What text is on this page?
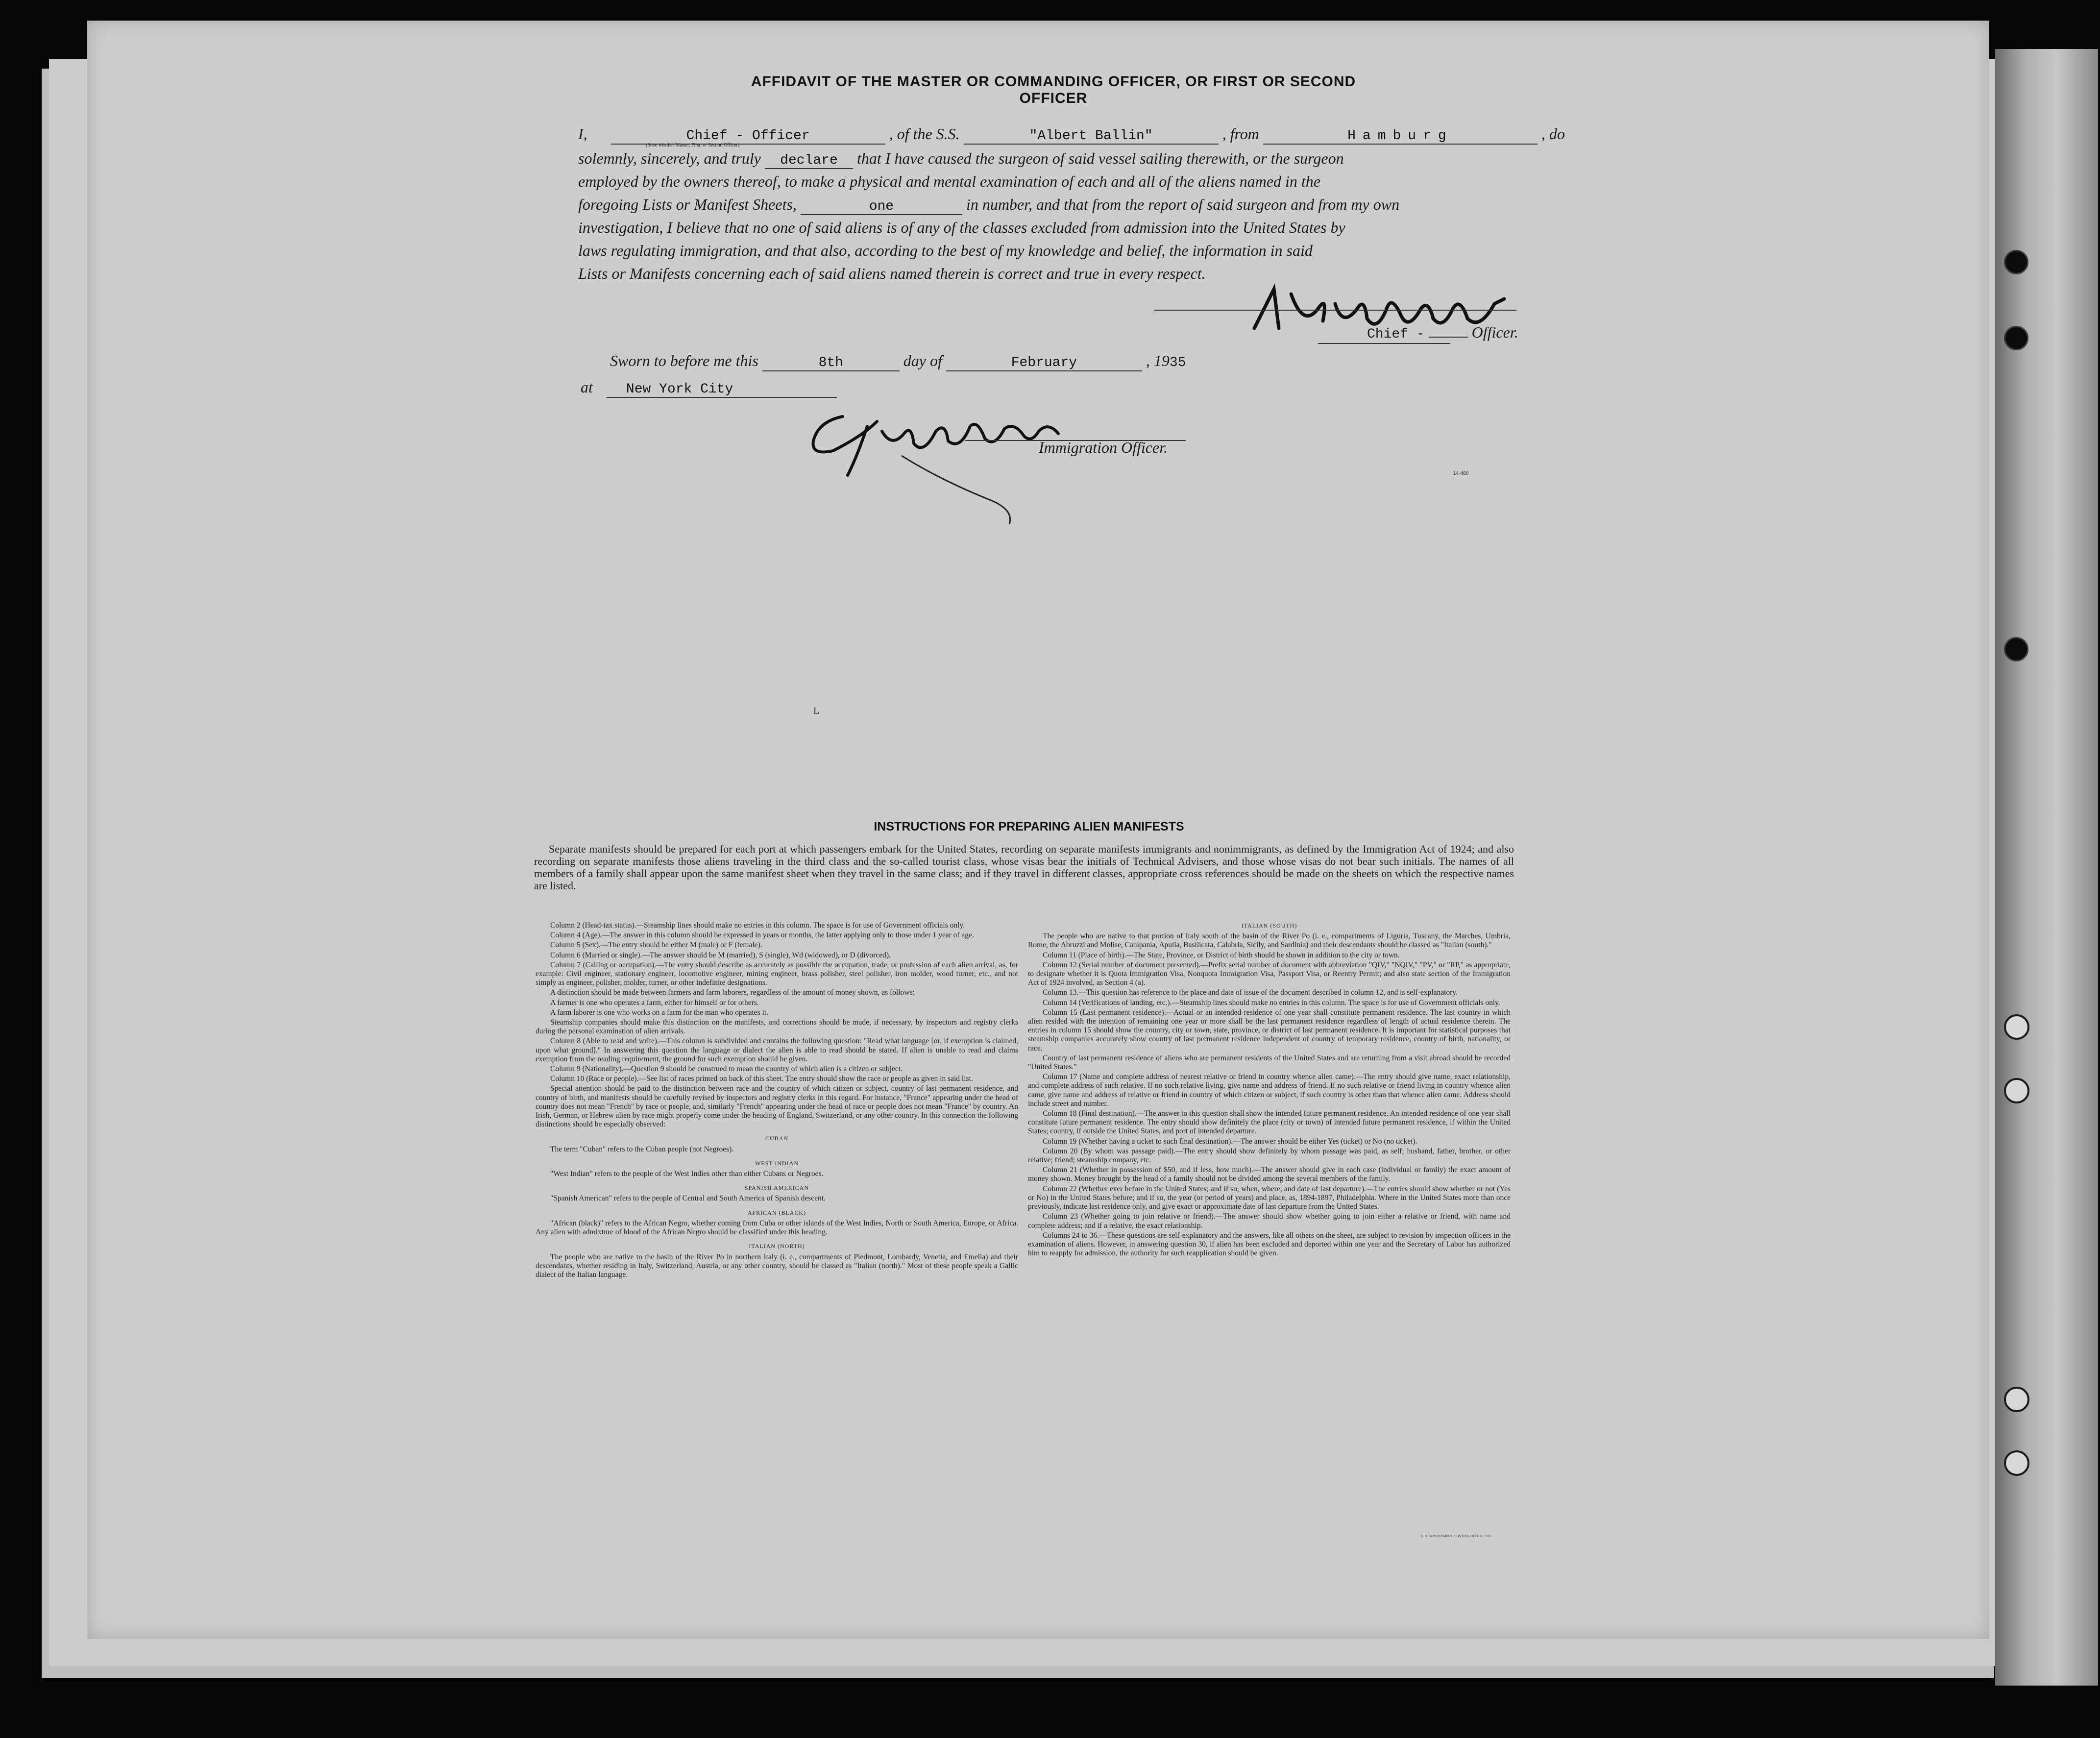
AFFIDAVIT OF THE MASTER OR COMMANDING OFFICER, OR FIRST OR SECOND OFFICER
I,	Chief - Officer	, of the S.S.	"Albert Ballin"	, from	Hamburg	, do
(State whether Master, First, or Second Officer)
solemnly, sincerely, and truly declare that I have caused the surgeon of said vessel sailing therewith, or the surgeon
employed by the owners thereof, to make a physical and mental examination of each and all of the aliens named in the
foregoing Lists or Manifest Sheets,	one	in number, and that from the report of said surgeon and from my own
investigation, I believe that no one of said aliens is of any of the classes excluded from admission into the United States by
laws regulating immigration, and that also, according to the best of my knowledge and belief, the information in said
Lists or Manifests concerning each of said aliens named therein is correct and true in every respect.
Chief -	Officer.
Sworn to before me this	8th	day of	February	, 1935
at New York City
Immigration Officer.
14-480
L
INSTRUCTIONS FOR PREPARING ALIEN MANIFESTS
Separate manifests should be prepared for each port at which passengers embark for the United States, recording on separate manifests immigrants and nonimmigrants, as defined by the Immigration Act of 1924; and also recording on separate manifests those aliens traveling in the third class and the so-called tourist class, whose visas bear the initials of Technical Advisers, and those whose visas do not bear such initials. The names of all members of a family shall appear upon the same manifest sheet when they travel in the same class; and if they travel in different classes, appropriate cross references should be made on the sheets on which the respective names are listed.

Column 2 (Head-tax status).—Steamship lines should make no entries in this column. The space is for use of Government officials only.

Column 4 (Age).—The answer in this column should be expressed in years or months, the latter applying only to those under 1 year of age.

Column 5 (Sex).—The entry should be either M (male) or F (female).

Column 6 (Married or single).—The answer should be M (married), S (single), Wd (widowed), or D (divorced).

Column 7 (Calling or occupation).—The entry should describe as accurately as possible the occupation, trade, or profession of each alien arrival, as, for example: Civil engineer, stationary engineer, locomotive engineer, mining engineer, brass polisher, steel polisher, iron molder, wood turner, etc., and not simply as engineer, polisher, molder, turner, or other indefinite designations.

A distinction should be made between farmers and farm laborers, regardless of the amount of money shown, as follows:

A farmer is one who operates a farm, either for himself or for others.

A farm laborer is one who works on a farm for the man who operates it.

Steamship companies should make this distinction on the manifests, and corrections should be made, if necessary, by inspectors and registry clerks during the personal examination of alien arrivals.

Column 8 (Able to read and write).—This column is subdivided and contains the following question: "Read what language [or, if exemption is claimed, upon what ground]." In answering this question the language or dialect the alien is able to read should be stated. If alien is unable to read and claims exemption from the reading requirement, the ground for such exemption should be given.

Column 9 (Nationality).—Question 9 should be construed to mean the country of which alien is a citizen or subject.

Column 10 (Race or people).—See list of races printed on back of this sheet. The entry should show the race or people as given in said list.

Special attention should be paid to the distinction between race and the country of which citizen or subject, country of last permanent residence, and country of birth, and manifests should be carefully revised by inspectors and registry clerks in this regard. For instance, "France" appearing under the head of country does not mean "French" by race or people, and, similarly "French" appearing under the head of race or people does not mean "France" by country. An Irish, German, or Hebrew alien by race might properly come under the heading of England, Switzerland, or any other country. In this connection the following distinctions should be especially observed:

CUBAN

The term "Cuban" refers to the Cuban people (not Negroes).

WEST INDIAN

"West Indian" refers to the people of the West Indies other than either Cubans or Negroes.

SPANISH AMERICAN

"Spanish American" refers to the people of Central and South America of Spanish descent.

AFRICAN (BLACK)

"African (black)" refers to the African Negro, whether coming from Cuba or other islands of the West Indies, North or South America, Europe, or Africa. Any alien with admixture of blood of the African Negro should be classified under this heading.

ITALIAN (NORTH)

The people who are native to the basin of the River Po in northern Italy (i. e., compartments of Piedmont, Lombardy, Venetia, and Emelia) and their descendants, whether residing in Italy, Switzerland, Austria, or any other country, should be classed as "Italian (north)." Most of these people speak a Gallic dialect of the Italian language.

ITALIAN (SOUTH)

The people who are native to that portion of Italy south of the basin of the River Po (i. e., compartments of Liguria, Tuscany, the Marches, Umbria, Rome, the Abruzzi and Molise, Campania, Apulia, Basilicata, Calabria, Sicily, and Sardinia) and their descendants should be classed as "Italian (south)."

Column 11 (Place of birth).—The State, Province, or District of birth should be shown in addition to the city or town.

Column 12 (Serial number of document presented).—Prefix serial number of document with abbreviation "QIV," "NQIV," "PV," or "RP," as appropriate, to designate whether it is Quota Immigration Visa, Nonquota Immigration Visa, Passport Visa, or Reentry Permit; and also state section of the Immigration Act of 1924 involved, as Section 4 (a).

Column 13.—This question has reference to the place and date of issue of the document described in column 12, and is self-explanatory.

Column 14 (Verifications of landing, etc.).—Steamship lines should make no entries in this column. The space is for use of Government officials only.

Column 15 (Last permanent residence).—Actual or an intended residence of one year shall constitute permanent residence. The last country in which alien resided with the intention of remaining one year or more shall be the last permanent residence regardless of length of actual residence therein. The entries in column 15 should show the country, city or town, state, province, or district of last permanent residence. It is important for statistical purposes that steamship companies accurately show country of last permanent residence independent of country of temporary residence, country of birth, nationality, or race.

Country of last permanent residence of aliens who are permanent residents of the United States and are returning from a visit abroad should be recorded "United States."

Column 17 (Name and complete address of nearest relative or friend in country whence alien came).—The entry should give name, exact relationship, and complete address of such relative. If no such relative living, give name and address of friend. If no such relative or friend living in country whence alien came, give name and address of relative or friend in country of which citizen or subject, if such country is other than that whence alien came. Address should include street and number.

Column 18 (Final destination).—The answer to this question shall show the intended future permanent residence. An intended residence of one year shall constitute future permanent residence. The entry should show definitely the place (city or town) of intended future permanent residence, if within the United States; country, if outside the United States, and port of intended departure.

Column 19 (Whether having a ticket to such final destination).—The answer should be either Yes (ticket) or No (no ticket).

Column 20 (By whom was passage paid).—The entry should show definitely by whom passage was paid, as self; husband, father, brother, or other relative; friend; steamship company, etc.

Column 21 (Whether in possession of $50, and if less, how much).—The answer should give in each case (individual or family) the exact amount of money shown. Money brought by the head of a family should not be divided among the several members of the family.

Column 22 (Whether ever before in the United States; and if so, when, where, and date of last departure).—The entries should show whether or not (Yes or No) in the United States before; and if so, the year (or period of years) and place, as, 1894-1897, Philadelphia. Where in the United States more than once previously, indicate last residence only, and give exact or approximate date of last departure from the United States.

Column 23 (Whether going to join relative or friend).—The answer should show whether going to join either a relative or friend, with name and complete address; and if a relative, the exact relationship.

Columns 24 to 36.—These questions are self-explanatory and the answers, like all others on the sheet, are subject to revision by inspection officers in the examination of aliens. However, in answering question 30, if alien has been excluded and deported within one year and the Secretary of Labor has authorized him to reapply for admission, the authority for such reapplication should be given.

U. S. GOVERNMENT PRINTING OFFICE: 1933
